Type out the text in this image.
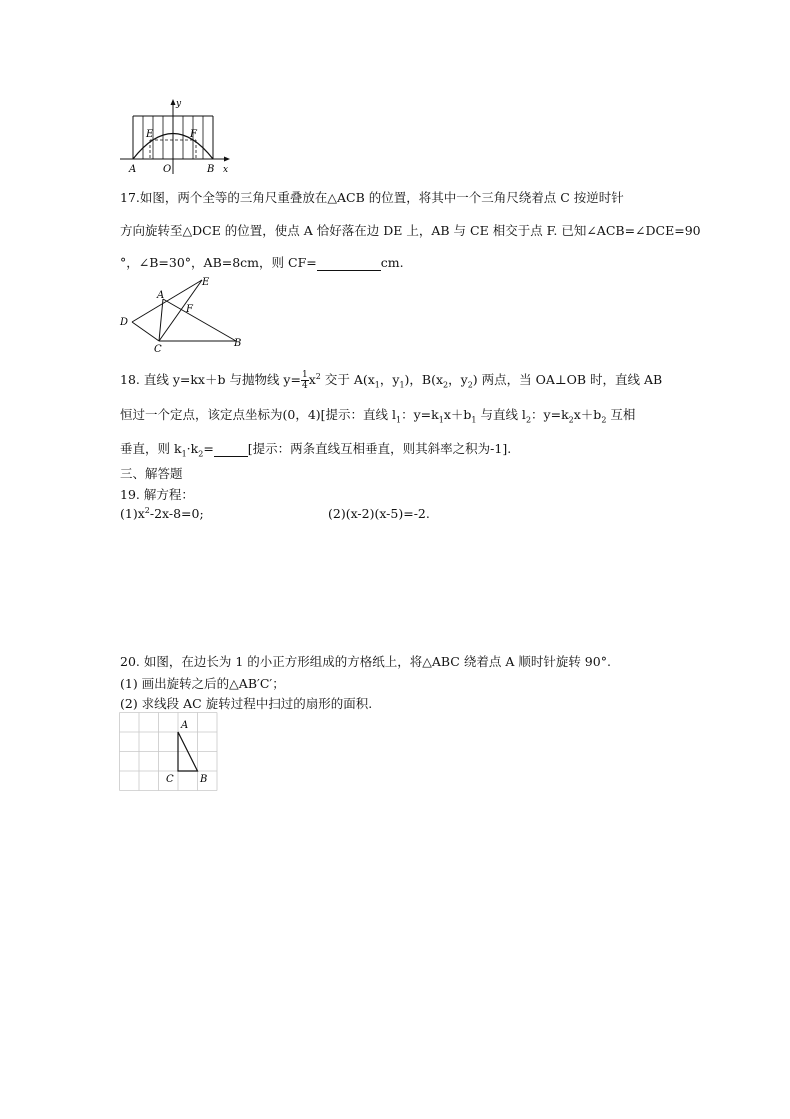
y
x
E	F
A	O	B
17.如图，两个全等的三角尺重叠放在△ACB 的位置，将其中一个三角尺绕着点 C 按逆时针
方向旋转至△DCE 的位置，使点 A 恰好落在边 DE 上，AB 与 CE 相交于点 F. 已知∠ACB=∠DCE=90
°，∠B=30°，AB=8cm，则 CF=	cm.
E
A
F
D
C
B
18. 直线 y=kx＋b 与抛物线 $y= \frac{1}{4} x^2$ 交于 $A(x_1$，$y_1$)，$B(x_2$，$y_2$) 两点，当 OA⊥OB 时，直线 AB
恒过一个定点，该定点坐标为(0，4)[提示：直线 $l_1$：$y=k_1x+b_1$ 与直线 $l_2$：$y=k_2x+b_2$ 互相
垂直，则 $k_1\cdot k_2=$	[提示：两条直线互相垂直，则其斜率之积为-1].
三、解答题
19. 解方程：
$(1)x^2-2x-8=0$;	(2)(x-2)(x-5)=-2.
20. 如图，在边长为 1 的小正方形组成的方格纸上，将△ABC 绕着点 A 顺时针旋转 90°.
(1) 画出旋转之后的△AB′C′；
(2) 求线段 AC 旋转过程中扫过的扇形的面积.
A
C	B
